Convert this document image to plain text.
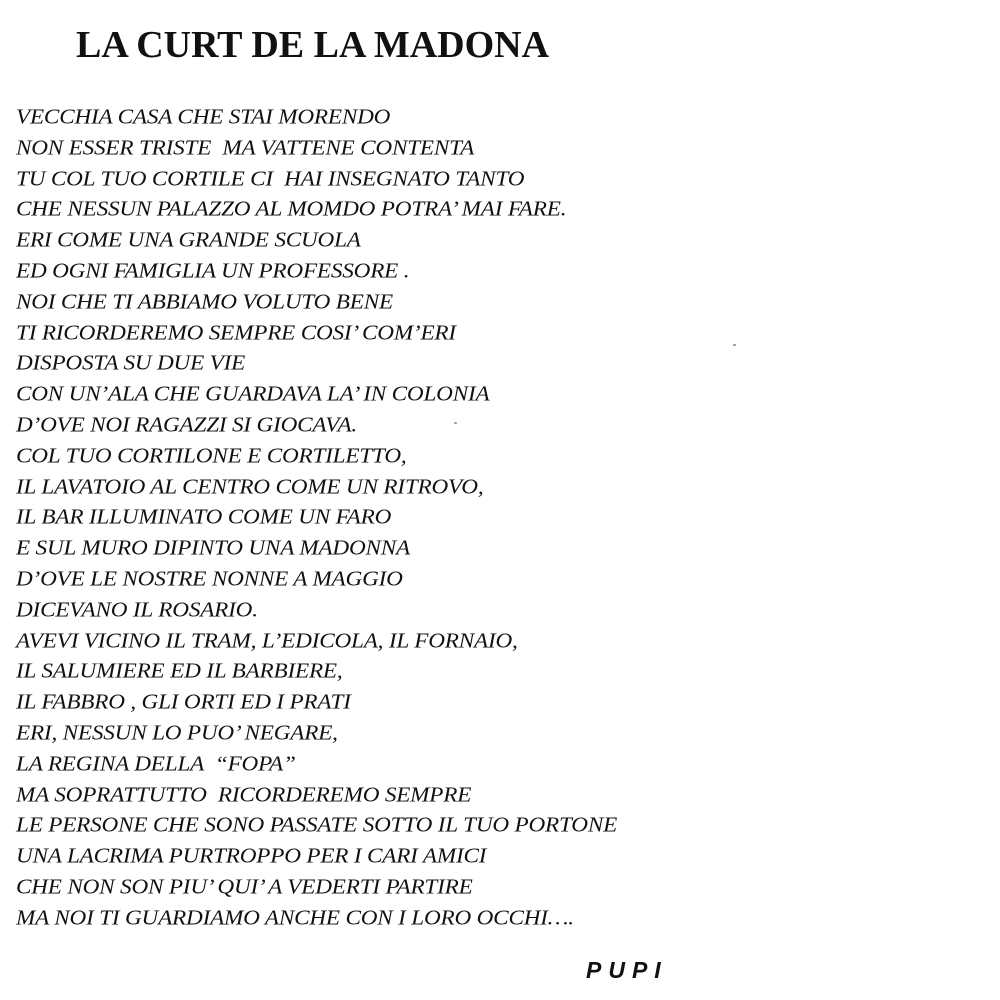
LA CURT DE LA MADONA
VECCHIA CASA CHE STAI MORENDO
NON ESSER TRISTE  MA VATTENE CONTENTA
TU COL TUO CORTILE CI  HAI INSEGNATO TANTO
CHE NESSUN PALAZZO AL MOMDO POTRA’ MAI FARE.
ERI COME UNA GRANDE SCUOLA
ED OGNI FAMIGLIA UN PROFESSORE .
NOI CHE TI ABBIAMO VOLUTO BENE
TI RICORDEREMO SEMPRE COSI’ COM’ERI
DISPOSTA SU DUE VIE
CON UN’ALA CHE GUARDAVA LA’ IN COLONIA
D’OVE NOI RAGAZZI SI GIOCAVA.
COL TUO CORTILONE E CORTILETTO,
IL LAVATOIO AL CENTRO COME UN RITROVO,
IL BAR ILLUMINATO COME UN FARO
E SUL MURO DIPINTO UNA MADONNA
D’OVE LE NOSTRE NONNE A MAGGIO
DICEVANO IL ROSARIO.
AVEVI VICINO IL TRAM, L’EDICOLA, IL FORNAIO,
IL SALUMIERE ED IL BARBIERE,
IL FABBRO , GLI ORTI ED I PRATI
ERI, NESSUN LO PUO’ NEGARE,
LA REGINA DELLA  “FOPA”
MA SOPRATTUTTO  RICORDEREMO SEMPRE
LE PERSONE CHE SONO PASSATE SOTTO IL TUO PORTONE
UNA LACRIMA PURTROPPO PER I CARI AMICI
CHE NON SON PIU’ QUI’ A VEDERTI PARTIRE
MA NOI TI GUARDIAMO ANCHE CON I LORO OCCHI….
PUPI
